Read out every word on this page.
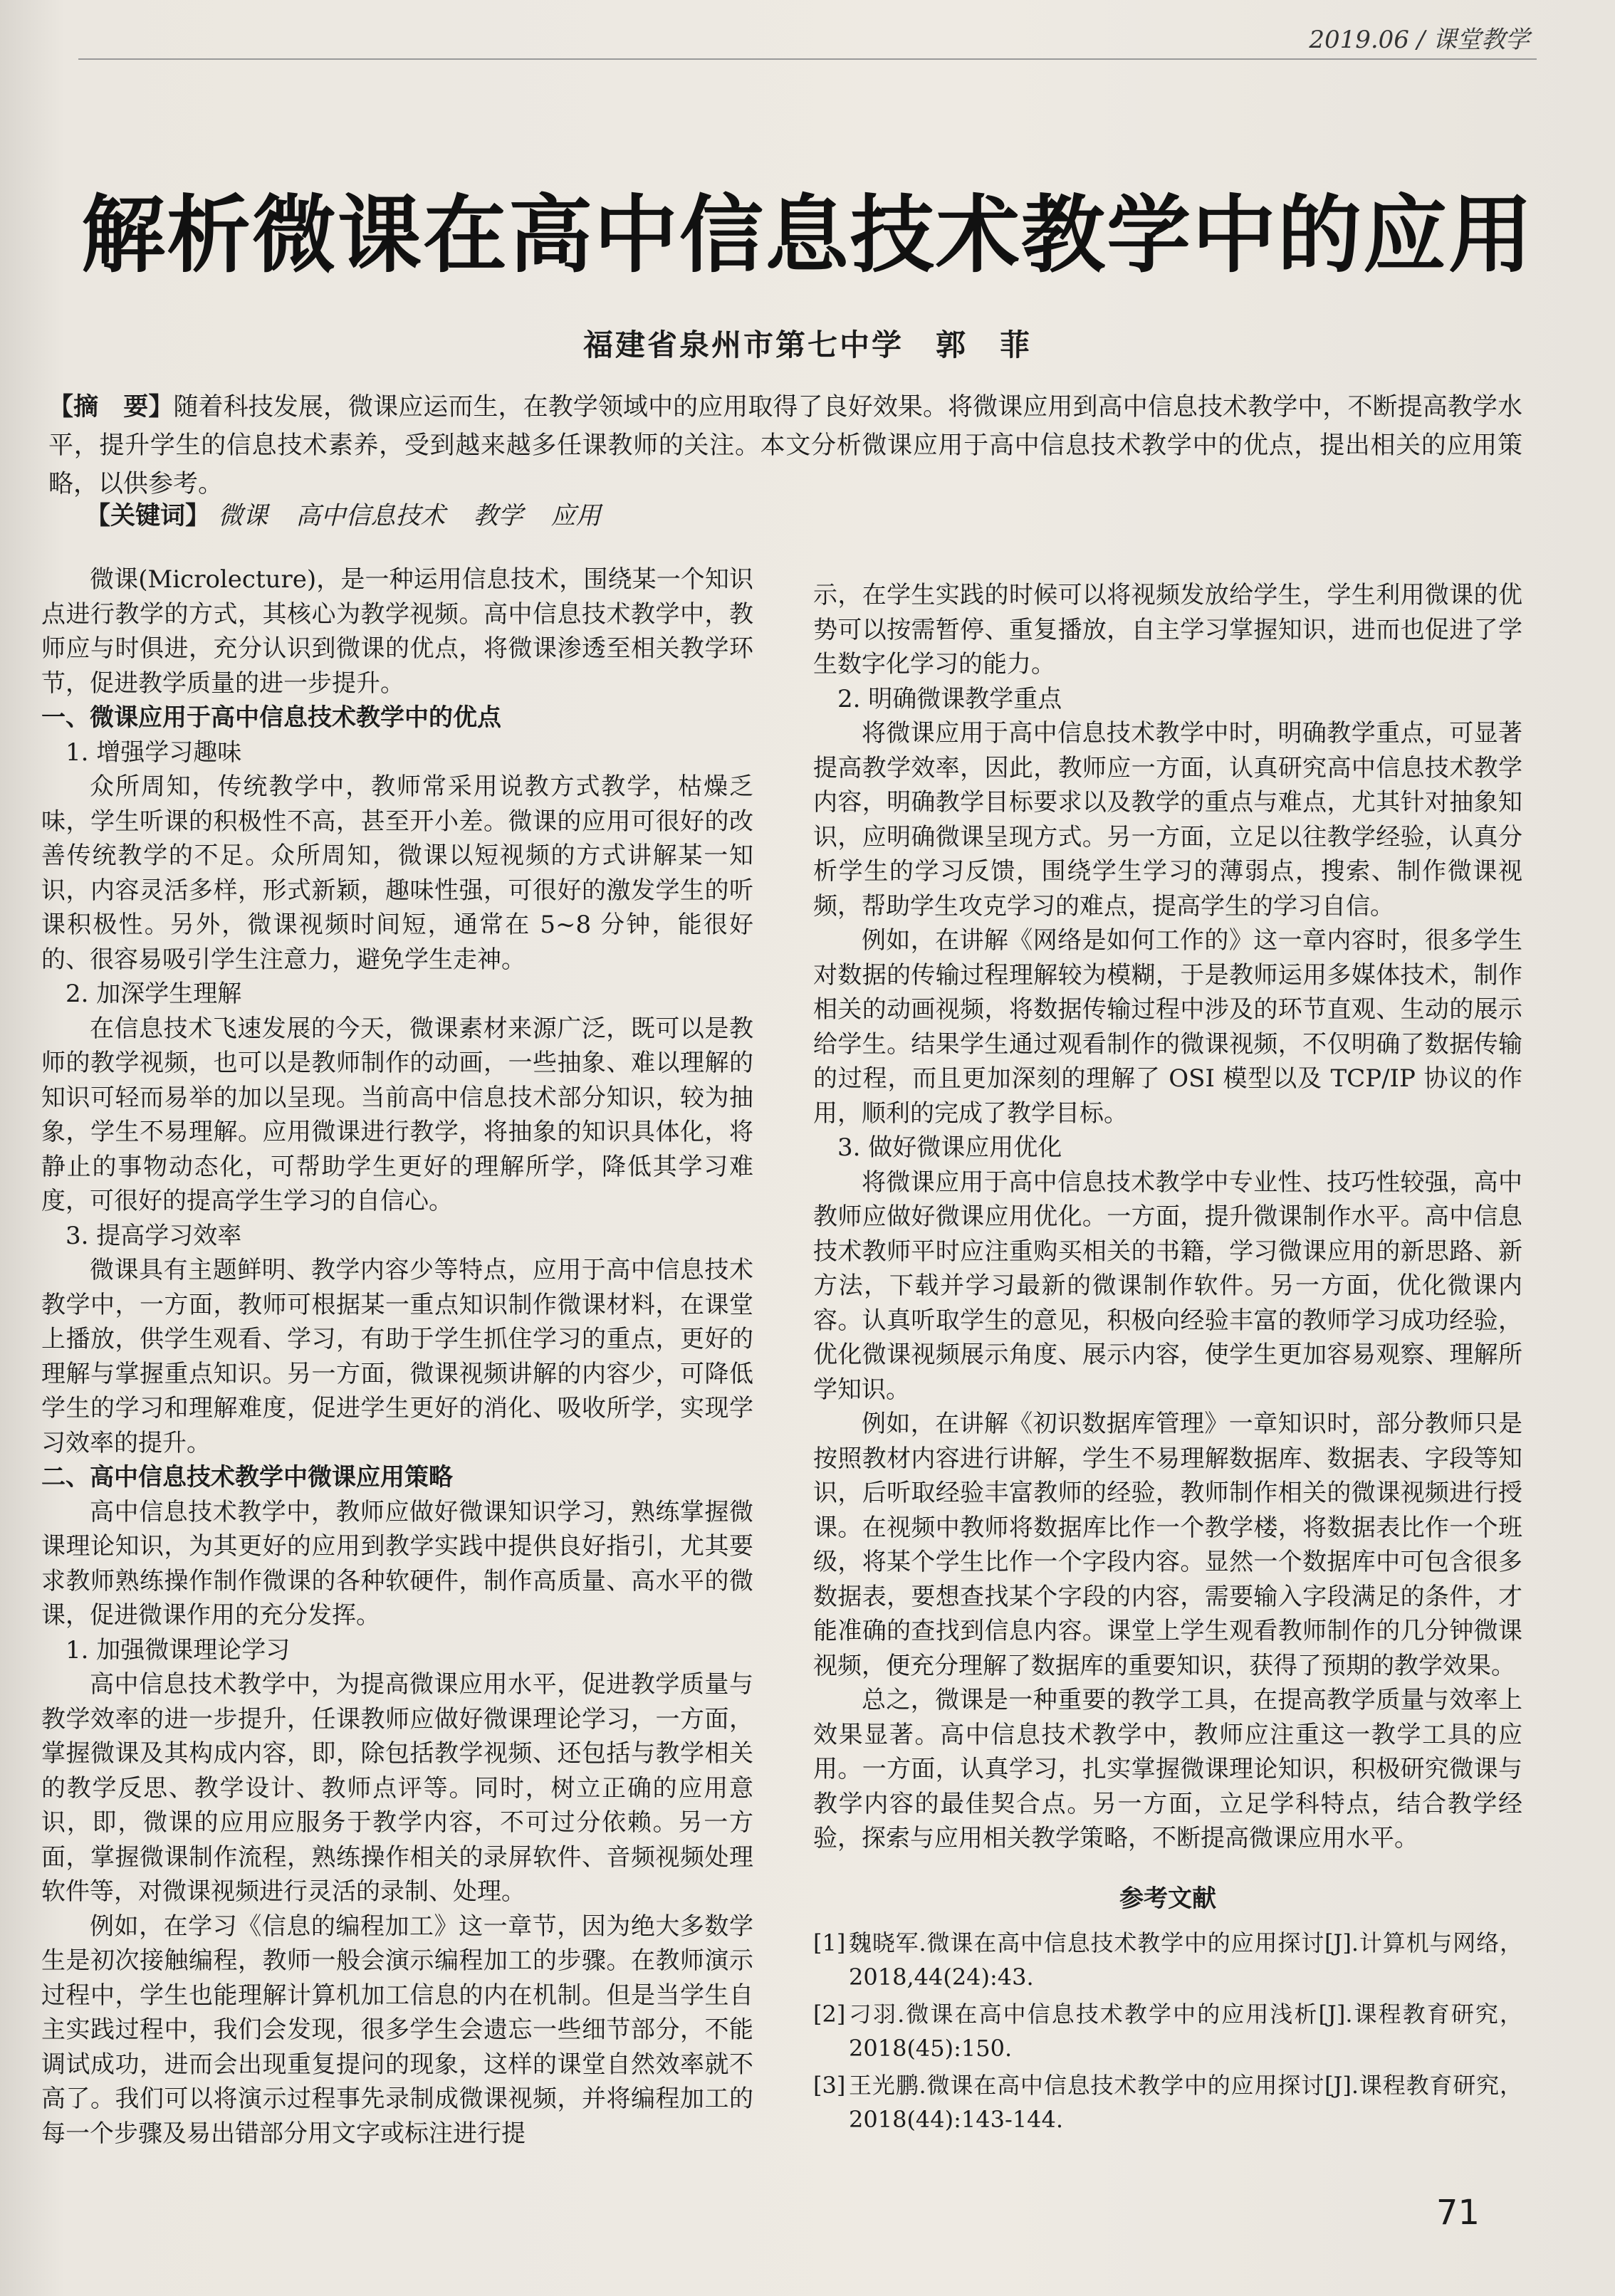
2019.06 / 课堂教学
解析微课在高中信息技术教学中的应用
福建省泉州市第七中学　郭　菲
【摘　要】随着科技发展，微课应运而生，在教学领域中的应用取得了良好效果。将微课应用到高中信息技术教学中，不断提高教学水平，提升学生的信息技术素养，受到越来越多任课教师的关注。本文分析微课应用于高中信息技术教学中的优点，提出相关的应用策略，以供参考。
【关键词】 微课 高中信息技术 教学 应用

微课(Microlecture)，是一种运用信息技术，围绕某一个知识点进行教学的方式，其核心为教学视频。高中信息技术教学中，教师应与时俱进，充分认识到微课的优点，将微课渗透至相关教学环节，促进教学质量的进一步提升。

一、微课应用于高中信息技术教学中的优点

1. 增强学习趣味

众所周知，传统教学中，教师常采用说教方式教学，枯燥乏味，学生听课的积极性不高，甚至开小差。微课的应用可很好的改善传统教学的不足。众所周知，微课以短视频的方式讲解某一知识，内容灵活多样，形式新颖，趣味性强，可很好的激发学生的听课积极性。另外，微课视频时间短，通常在 5~8 分钟，能很好的、很容易吸引学生注意力，避免学生走神。

2. 加深学生理解

在信息技术飞速发展的今天，微课素材来源广泛，既可以是教师的教学视频，也可以是教师制作的动画，一些抽象、难以理解的知识可轻而易举的加以呈现。当前高中信息技术部分知识，较为抽象，学生不易理解。应用微课进行教学，将抽象的知识具体化，将静止的事物动态化，可帮助学生更好的理解所学，降低其学习难度，可很好的提高学生学习的自信心。

3. 提高学习效率

微课具有主题鲜明、教学内容少等特点，应用于高中信息技术教学中，一方面，教师可根据某一重点知识制作微课材料，在课堂上播放，供学生观看、学习，有助于学生抓住学习的重点，更好的理解与掌握重点知识。另一方面，微课视频讲解的内容少，可降低学生的学习和理解难度，促进学生更好的消化、吸收所学，实现学习效率的提升。

二、高中信息技术教学中微课应用策略

高中信息技术教学中，教师应做好微课知识学习，熟练掌握微课理论知识，为其更好的应用到教学实践中提供良好指引，尤其要求教师熟练操作制作微课的各种软硬件，制作高质量、高水平的微课，促进微课作用的充分发挥。

1. 加强微课理论学习

高中信息技术教学中，为提高微课应用水平，促进教学质量与教学效率的进一步提升，任课教师应做好微课理论学习，一方面，掌握微课及其构成内容，即，除包括教学视频、还包括与教学相关的教学反思、教学设计、教师点评等。同时，树立正确的应用意识，即，微课的应用应服务于教学内容，不可过分依赖。另一方面，掌握微课制作流程，熟练操作相关的录屏软件、音频视频处理软件等，对微课视频进行灵活的录制、处理。

例如，在学习《信息的编程加工》这一章节，因为绝大多数学生是初次接触编程，教师一般会演示编程加工的步骤。在教师演示过程中，学生也能理解计算机加工信息的内在机制。但是当学生自主实践过程中，我们会发现，很多学生会遗忘一些细节部分，不能调试成功，进而会出现重复提问的现象，这样的课堂自然效率就不高了。我们可以将演示过程事先录制成微课视频，并将编程加工的每一个步骤及易出错部分用文字或标注进行提

示，在学生实践的时候可以将视频发放给学生，学生利用微课的优势可以按需暂停、重复播放，自主学习掌握知识，进而也促进了学生数字化学习的能力。

2. 明确微课教学重点

将微课应用于高中信息技术教学中时，明确教学重点，可显著提高教学效率，因此，教师应一方面，认真研究高中信息技术教学内容，明确教学目标要求以及教学的重点与难点，尤其针对抽象知识，应明确微课呈现方式。另一方面，立足以往教学经验，认真分析学生的学习反馈，围绕学生学习的薄弱点，搜索、制作微课视频，帮助学生攻克学习的难点，提高学生的学习自信。

例如，在讲解《网络是如何工作的》这一章内容时，很多学生对数据的传输过程理解较为模糊，于是教师运用多媒体技术，制作相关的动画视频，将数据传输过程中涉及的环节直观、生动的展示给学生。结果学生通过观看制作的微课视频，不仅明确了数据传输的过程，而且更加深刻的理解了 OSI 模型以及 TCP/IP 协议的作用，顺利的完成了教学目标。

3. 做好微课应用优化

将微课应用于高中信息技术教学中专业性、技巧性较强，高中教师应做好微课应用优化。一方面，提升微课制作水平。高中信息技术教师平时应注重购买相关的书籍，学习微课应用的新思路、新方法，下载并学习最新的微课制作软件。另一方面，优化微课内容。认真听取学生的意见，积极向经验丰富的教师学习成功经验，优化微课视频展示角度、展示内容，使学生更加容易观察、理解所学知识。

例如，在讲解《初识数据库管理》一章知识时，部分教师只是按照教材内容进行讲解，学生不易理解数据库、数据表、字段等知识，后听取经验丰富教师的经验，教师制作相关的微课视频进行授课。在视频中教师将数据库比作一个教学楼，将数据表比作一个班级，将某个学生比作一个字段内容。显然一个数据库中可包含很多数据表，要想查找某个字段的内容，需要输入字段满足的条件，才能准确的查找到信息内容。课堂上学生观看教师制作的几分钟微课视频，便充分理解了数据库的重要知识，获得了预期的教学效果。

总之，微课是一种重要的教学工具，在提高教学质量与效率上效果显著。高中信息技术教学中，教师应注重这一教学工具的应用。一方面，认真学习，扎实掌握微课理论知识，积极研究微课与教学内容的最佳契合点。另一方面，立足学科特点，结合教学经验，探索与应用相关教学策略，不断提高微课应用水平。

参考文献
[1] 魏晓军.微课在高中信息技术教学中的应用探讨[J].计算机与网络，2018,44(24):43.
[2] 刁羽.微课在高中信息技术教学中的应用浅析[J].课程教育研究，2018(45):150.
[3] 王光鹏.微课在高中信息技术教学中的应用探讨[J].课程教育研究，2018(44):143-144.
71
